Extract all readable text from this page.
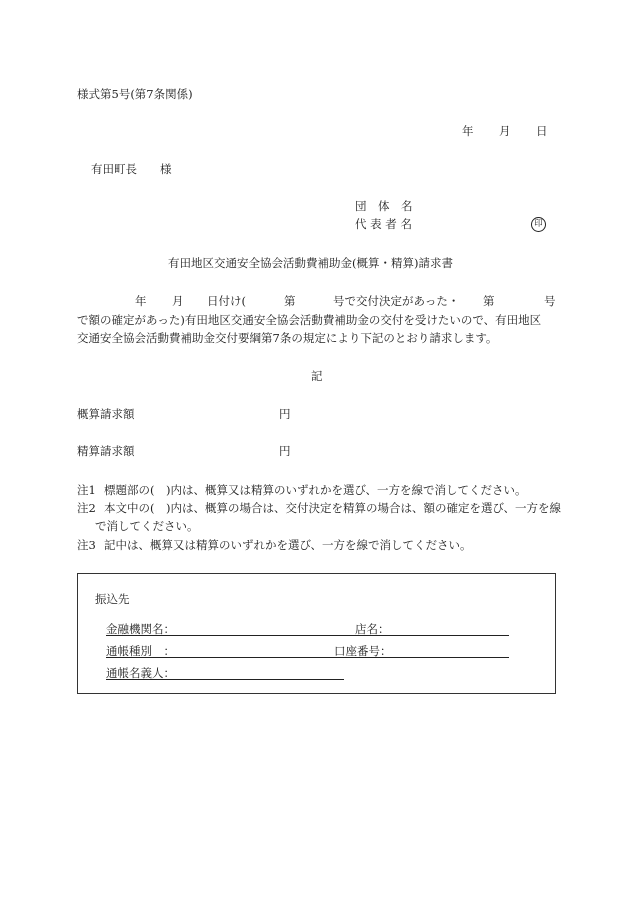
様式第5号(第7条関係)
年 月 日
有田町長 様
団　体　名
代 表 者 名	印
有田地区交通安全協会活動費補助金(概算・精算)請求書
年 月 日付け(	第	号で交付決定があった・ 第	号
で額の確定があった)有田地区交通安全協会活動費補助金の交付を受けたいので、有田地区
交通安全協会活動費補助金交付要綱第7条の規定により下記のとおり請求します。
記
概算請求額	円
精算請求額	円
注1 標題部の(　)内は、概算又は精算のいずれかを選び、一方を線で消してください。
注2 本文中の(　)内は、概算の場合は、交付決定を精算の場合は、額の確定を選び、一方を線
で消してください。
注3 記中は、概算又は精算のいずれかを選び、一方を線で消してください。
振込先
金融機関名：	店名：
通帳種別　：	口座番号：
通帳名義人：
